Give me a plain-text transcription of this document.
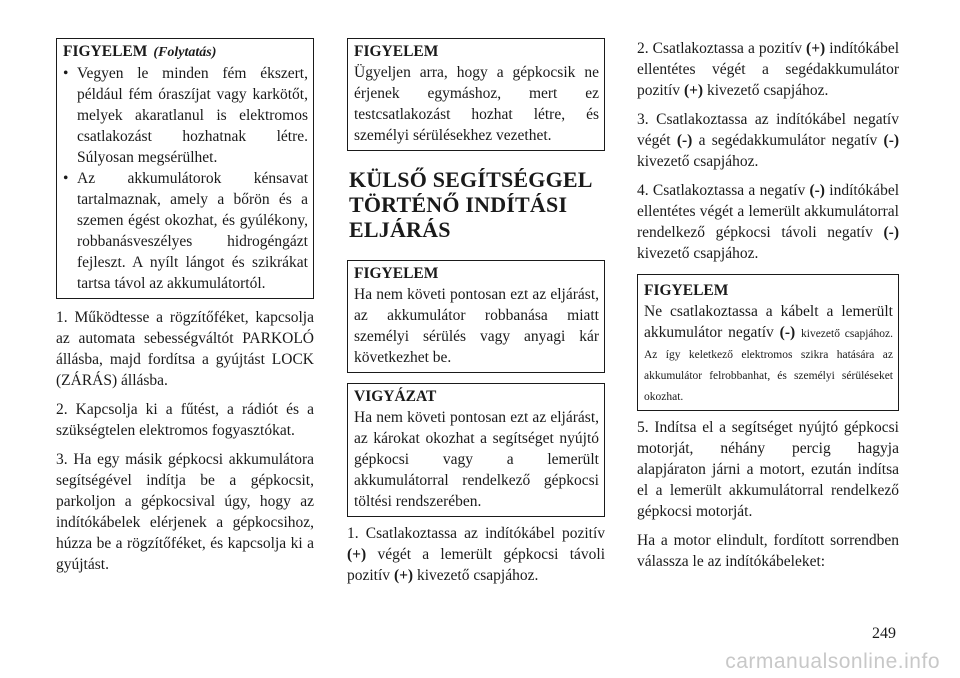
FIGYELEM (Folytatás)
• Vegyen le minden fém ékszert, például fém óraszíjat vagy karkötőt, melyek akaratlanul is elektromos csatlakozást hozhatnak létre. Súlyosan megsérülhet.
• Az akkumulátorok kénsavat tartalmaznak, amely a bőrön és a szemen égést okozhat, és gyúlékony, robbanásveszélyes hidrogéngázt fejleszt. A nyílt lángot és szikrákat tartsa távol az akkumulátortól.

1. Működtesse a rögzítőféket, kapcsolja az automata sebességváltót PARKOLÓ állásba, majd fordítsa a gyújtást LOCK (ZÁRÁS) állásba.

2. Kapcsolja ki a fűtést, a rádiót és a szükségtelen elektromos fogyasztókat.

3. Ha egy másik gépkocsi akkumulátora segítségével indítja be a gépkocsit, parkoljon a gépkocsival úgy, hogy az indítókábelek elérjenek a gépkocsihoz, húzza be a rögzítőféket, és kapcsolja ki a gyújtást.

FIGYELEM
Ügyeljen arra, hogy a gépkocsik ne érjenek egymáshoz, mert ez testcsatlakozást hozhat létre, és személyi sérülésekhez vezethet.
KÜLSŐ SEGÍTSÉGGEL TÖRTÉNŐ INDÍTÁSI ELJÁRÁS
FIGYELEM
Ha nem követi pontosan ezt az eljárást, az akkumulátor robbanása miatt személyi sérülés vagy anyagi kár következhet be.
VIGYÁZAT
Ha nem követi pontosan ezt az eljárást, az károkat okozhat a segítséget nyújtó gépkocsi vagy a lemerült akkumulátorral rendelkező gépkocsi töltési rendszerében.

1. Csatlakoztassa az indítókábel pozitív (+) végét a lemerült gépkocsi távoli pozitív (+) kivezető csapjához.

2. Csatlakoztassa a pozitív (+) indítókábel ellentétes végét a segédakkumulátor pozitív (+) kivezető csapjához.

3. Csatlakoztassa az indítókábel negatív végét (-) a segédakkumulátor negatív (-) kivezető csapjához.

4. Csatlakoztassa a negatív (-) indítókábel ellentétes végét a lemerült akkumulátorral rendelkező gépkocsi távoli negatív (-) kivezető csapjához.

FIGYELEM
Ne csatlakoztassa a kábelt a lemerült akkumulátor negatív (-) kivezető csapjához. Az így keletkező elektromos szikra hatására az akkumulátor felrobbanhat, és személyi sérüléseket okozhat.

5. Indítsa el a segítséget nyújtó gépkocsi motorját, néhány percig hagyja alapjáraton járni a motort, ezután indítsa el a lemerült akkumulátorral rendelkező gépkocsi motorját.

Ha a motor elindult, fordított sorrendben válassza le az indítókábeleket:

249
carmanualsonline.info
